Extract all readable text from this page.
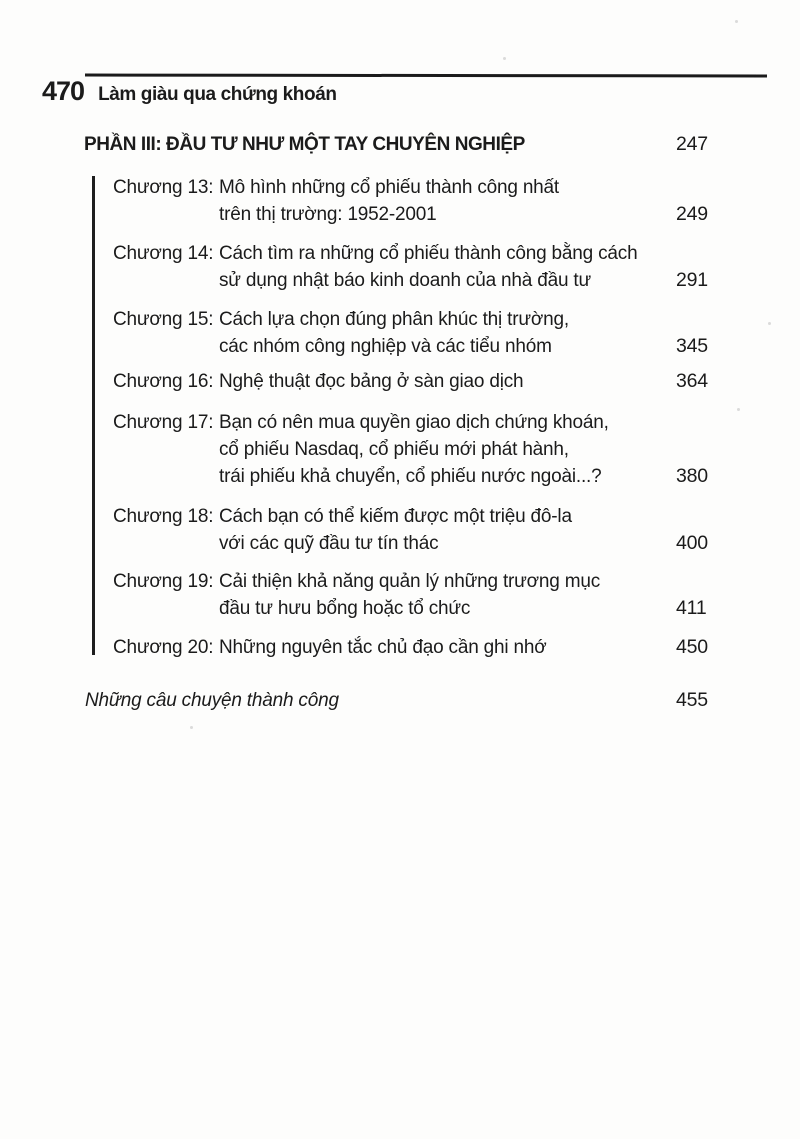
470 Làm giàu qua chứng khoán
PHẦN III: ĐẦU TƯ NHƯ MỘT TAY CHUYÊN NGHIỆP	247
Chương 13: Mô hình những cổ phiếu thành công nhất
trên thị trường: 1952-2001	249
Chương 14: Cách tìm ra những cổ phiếu thành công bằng cách
sử dụng nhật báo kinh doanh của nhà đầu tư	291
Chương 15: Cách lựa chọn đúng phân khúc thị trường,
các nhóm công nghiệp và các tiểu nhóm	345
Chương 16: Nghệ thuật đọc bảng ở sàn giao dịch	364
Chương 17: Bạn có nên mua quyền giao dịch chứng khoán,
cổ phiếu Nasdaq, cổ phiếu mới phát hành,
trái phiếu khả chuyển, cổ phiếu nước ngoài...?	380
Chương 18: Cách bạn có thể kiếm được một triệu đô-la
với các quỹ đầu tư tín thác	400
Chương 19: Cải thiện khả năng quản lý những trương mục
đầu tư hưu bổng hoặc tổ chức	411
Chương 20: Những nguyên tắc chủ đạo cần ghi nhớ	450
Những câu chuyện thành công	455
